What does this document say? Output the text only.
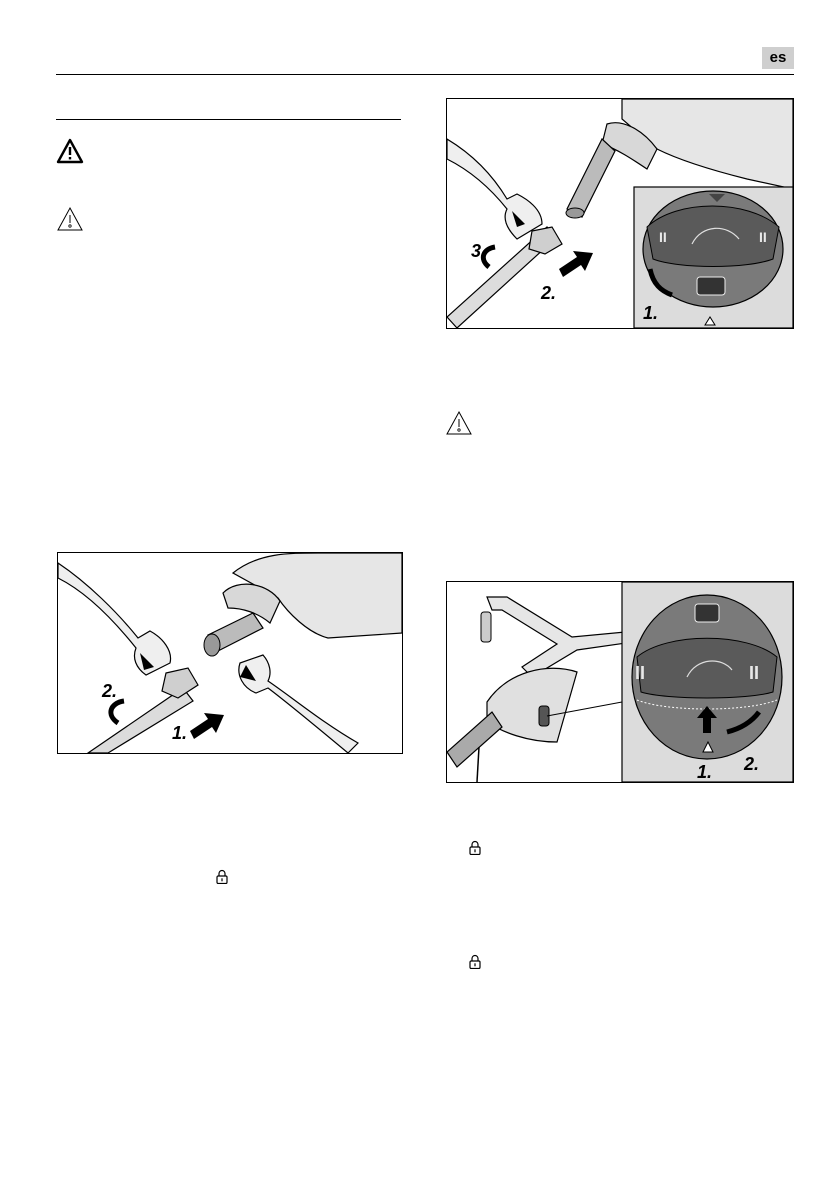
es
3.
2.
II	II
1.
2.
1.
II	II
1. 2.
